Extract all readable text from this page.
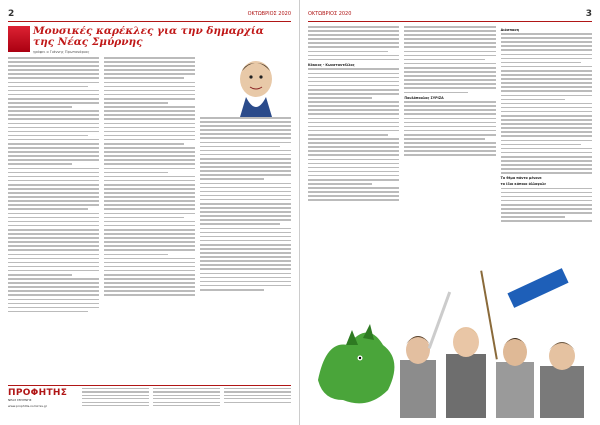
2	ΟΚΤΩΒΡΙΟΣ 2020
Μουσικές καρέκλες για την δημαρχία της Νέας Σμύρνης
γράφει ο Γιάννης Πρωτονάριος
ΠΡΟΦΗΤΗΣ
ΝΕΑΣ ΣΜΥΡΝΗΣ
www.prophitis-nsmirnis.gr
ΟΚΤΩΒΡΙΟΣ 2020	3
Κόκκος - Κωνσταντέλλος
Παυλόπουλος ΣΥΡΙΖΑ
Διάσπαση
Το θέμα πάντα μένανε
το ίδιο κάποιο άλλοφυλε
